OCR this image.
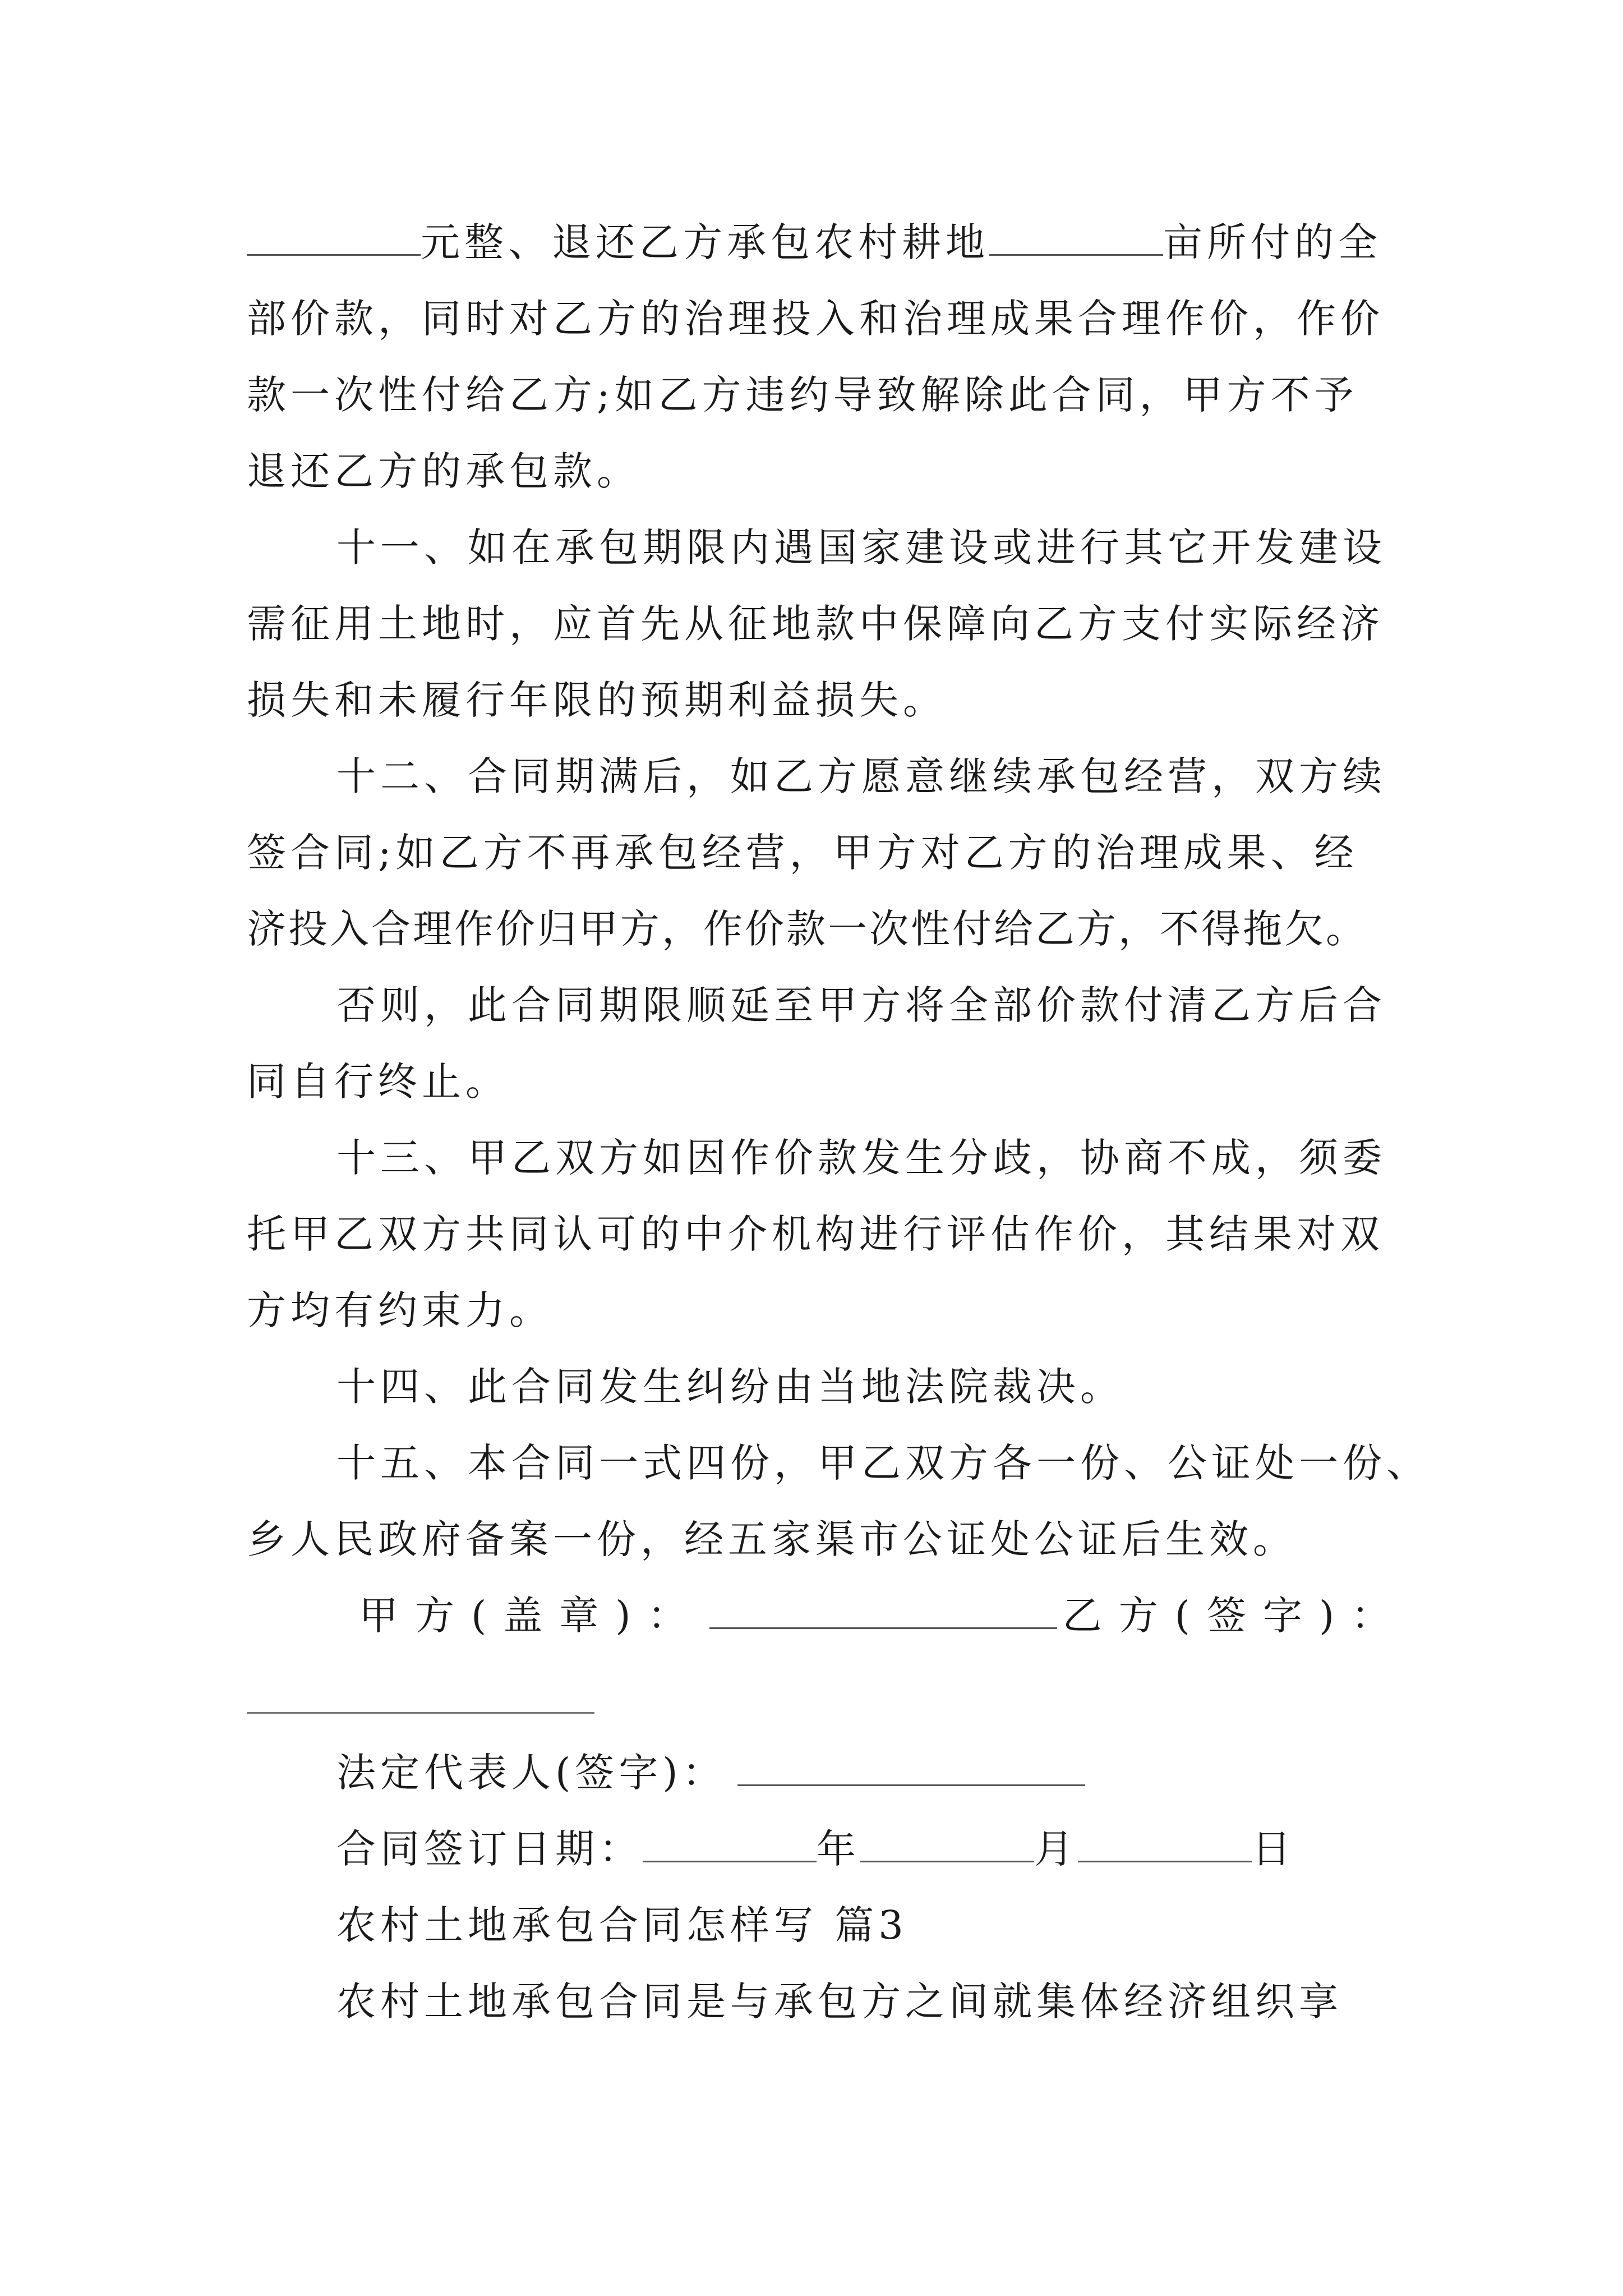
元整、退还乙方承包农村耕地	亩所付的全
部价款，同时对乙方的治理投入和治理成果合理作价，作价
款一次性付给乙方;如乙方违约导致解除此合同，甲方不予
退还乙方的承包款。
十一、如在承包期限内遇国家建设或进行其它开发建设
需征用土地时，应首先从征地款中保障向乙方支付实际经济
损失和未履行年限的预期利益损失。
十二、合同期满后，如乙方愿意继续承包经营，双方续
签合同;如乙方不再承包经营，甲方对乙方的治理成果、经
济投入合理作价归甲方，作价款一次性付给乙方，不得拖欠。
否则，此合同期限顺延至甲方将全部价款付清乙方后合
同自行终止。
十三、甲乙双方如因作价款发生分歧，协商不成，须委
托甲乙双方共同认可的中介机构进行评估作价，其结果对双
方均有约束力。
十四、此合同发生纠纷由当地法院裁决。
十五、本合同一式四份，甲乙双方各一份、公证处一份、
乡人民政府备案一份，经五家渠市公证处公证后生效。
甲方(盖章)：	乙方(签字)：
法定代表人(签字)：
合同签订日期：	年	月	日
农村土地承包合同怎样写 篇3
农村土地承包合同是与承包方之间就集体经济组织享
